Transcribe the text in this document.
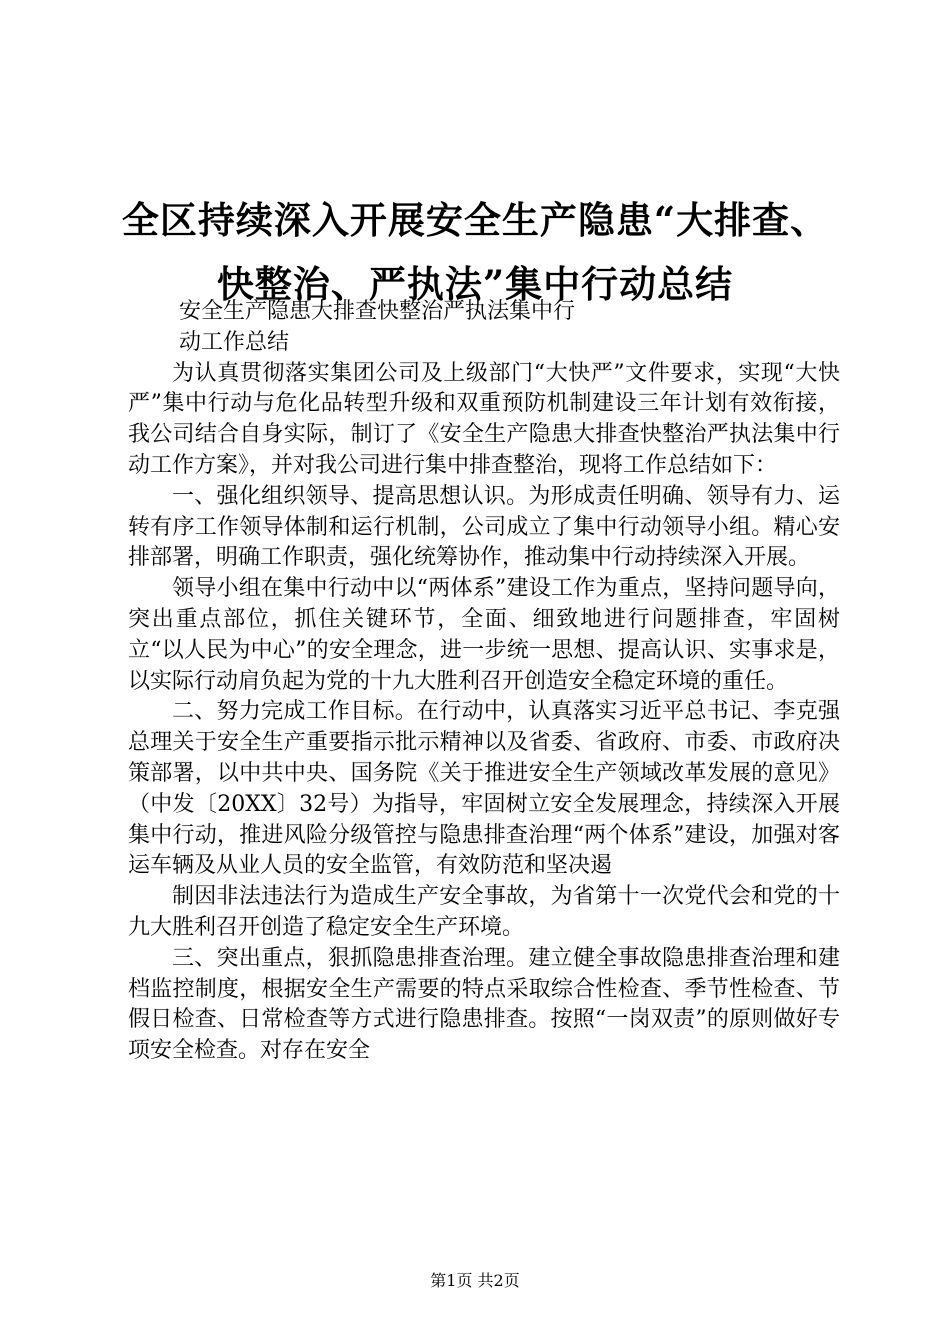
全区持续深入开展安全生产隐患“大排查、快整治、严执法”集中行动总结
安全生产隐患大排查快整治严执法集中行
动工作总结

为认真贯彻落实集团公司及上级部门“大快严”文件要求，实现“大快严”集中行动与危化品转型升级和双重预防机制建设三年计划有效衔接，我公司结合自身实际，制订了《安全生产隐患大排查快整治严执法集中行动工作方案》，并对我公司进行集中排查整治，现将工作总结如下：

一、强化组织领导、提高思想认识。为形成责任明确、领导有力、运转有序工作领导体制和运行机制，公司成立了集中行动领导小组。精心安排部署，明确工作职责，强化统筹协作，推动集中行动持续深入开展。

领导小组在集中行动中以“两体系”建设工作为重点，坚持问题导向，突出重点部位，抓住关键环节，全面、细致地进行问题排查，牢固树立“以人民为中心”的安全理念，进一步统一思想、提高认识、实事求是，以实际行动肩负起为党的十九大胜利召开创造安全稳定环境的重任。

二、努力完成工作目标。在行动中，认真落实习近平总书记、李克强总理关于安全生产重要指示批示精神以及省委、省政府、市委、市政府决策部署，以中共中央、国务院《关于推进安全生产领域改革发展的意见》（中发〔20XX〕32号）为指导，牢固树立安全发展理念，持续深入开展集中行动，推进风险分级管控与隐患排查治理“两个体系”建设，加强对客运车辆及从业人员的安全监管，有效防范和坚决遏

制因非法违法行为造成生产安全事故，为省第十一次党代会和党的十九大胜利召开创造了稳定安全生产环境。

三、突出重点，狠抓隐患排查治理。建立健全事故隐患排查治理和建档监控制度，根据安全生产需要的特点采取综合性检查、季节性检查、节假日检查、日常检查等方式进行隐患排查。按照“一岗双责”的原则做好专项安全检查。对存在安全

第1页 共2页
